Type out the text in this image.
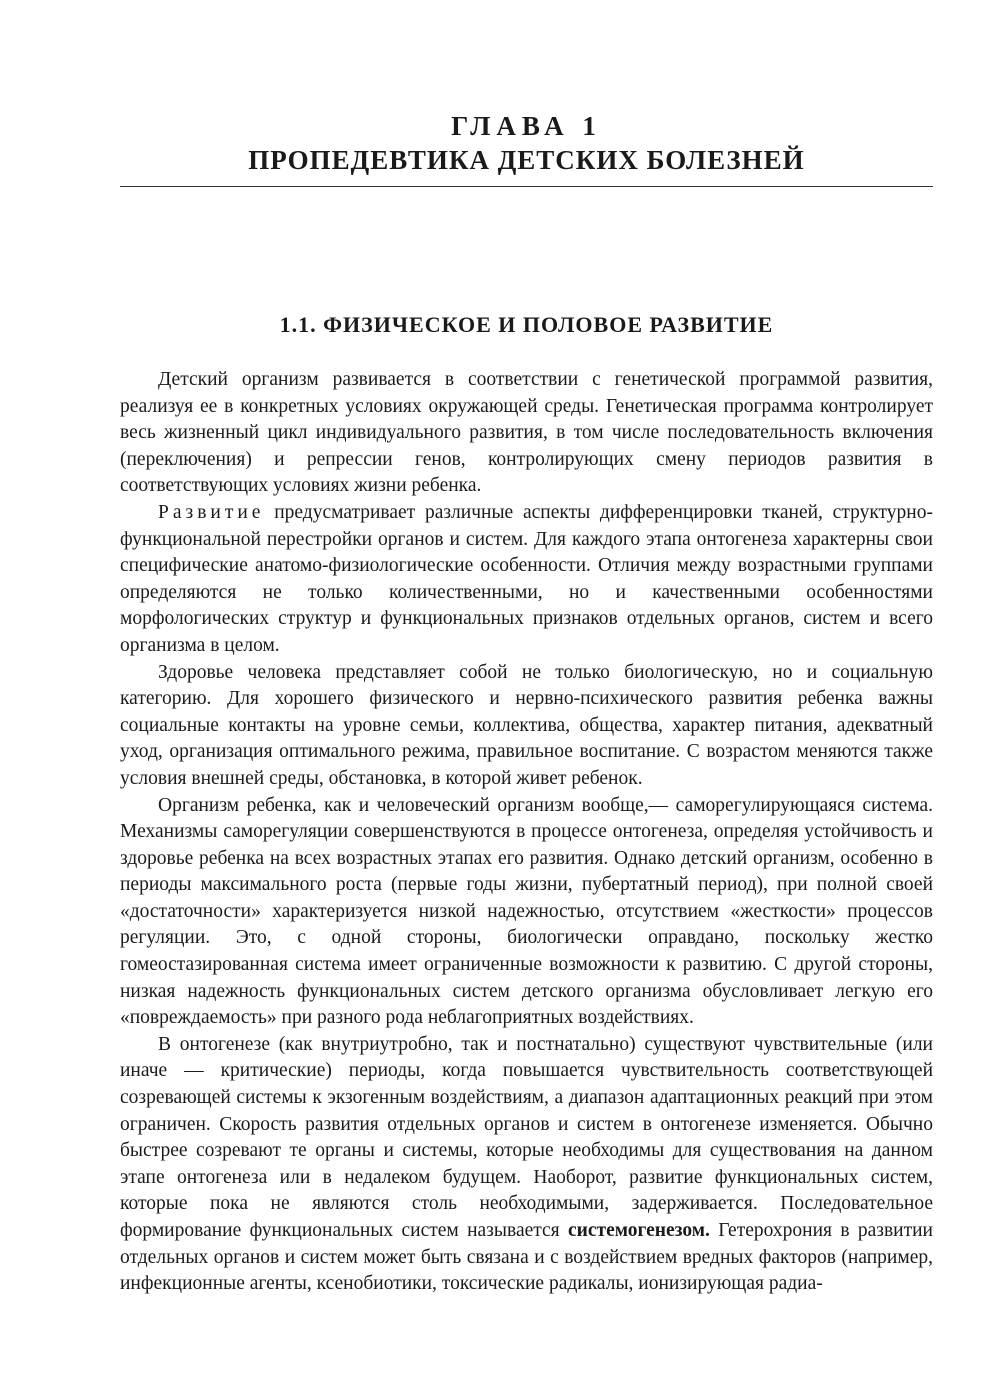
ГЛАВА 1
ПРОПЕДЕВТИКА ДЕТСКИХ БОЛЕЗНЕЙ
1.1. ФИЗИЧЕСКОЕ И ПОЛОВОЕ РАЗВИТИЕ

Детский организм развивается в соответствии с генетической программой развития, реализуя ее в конкретных условиях окружающей среды. Генетическая программа контролирует весь жизненный цикл индивидуального развития, в том числе последовательность включения (переключения) и репрессии генов, контролирующих смену периодов развития в соответствующих условиях жизни ребенка.

Развитие предусматривает различные аспекты дифференцировки тканей, структурно-функциональной перестройки органов и систем. Для каждого этапа онтогенеза характерны свои специфические анатомо-физиологические особенности. Отличия между возрастными группами определяются не только количественными, но и качественными особенностями морфологических структур и функциональных признаков отдельных органов, систем и всего организма в целом.

Здоровье человека представляет собой не только биологическую, но и социальную категорию. Для хорошего физического и нервно-психического развития ребенка важны социальные контакты на уровне семьи, коллектива, общества, характер питания, адекватный уход, организация оптимального режима, правильное воспитание. С возрастом меняются также условия внешней среды, обстановка, в которой живет ребенок.

Организм ребенка, как и человеческий организм вообще,— саморегулирующаяся система. Механизмы саморегуляции совершенствуются в процессе онтогенеза, определяя устойчивость и здоровье ребенка на всех возрастных этапах его развития. Однако детский организм, особенно в периоды максимального роста (первые годы жизни, пубертатный период), при полной своей «достаточности» характеризуется низкой надежностью, отсутствием «жесткости» процессов регуляции. Это, с одной стороны, биологически оправдано, поскольку жестко гомеостазированная система имеет ограниченные возможности к развитию. С другой стороны, низкая надежность функциональных систем детского организма обусловливает легкую его «повреждаемость» при разного рода неблагоприятных воздействиях.

В онтогенезе (как внутриутробно, так и постнатально) существуют чувствительные (или иначе — критические) периоды, когда повышается чувствительность соответствующей созревающей системы к экзогенным воздействиям, а диапазон адаптационных реакций при этом ограничен. Скорость развития отдельных органов и систем в онтогенезе изменяется. Обычно быстрее созревают те органы и системы, которые необходимы для существования на данном этапе онтогенеза или в недалеком будущем. Наоборот, развитие функциональных систем, которые пока не являются столь необходимыми, задерживается. Последовательное формирование функциональных систем называется системогенезом. Гетерохрония в развитии отдельных органов и систем может быть связана и с воздействием вредных факторов (например, инфекционные агенты, ксенобиотики, токсические радикалы, ионизирующая радиа-
